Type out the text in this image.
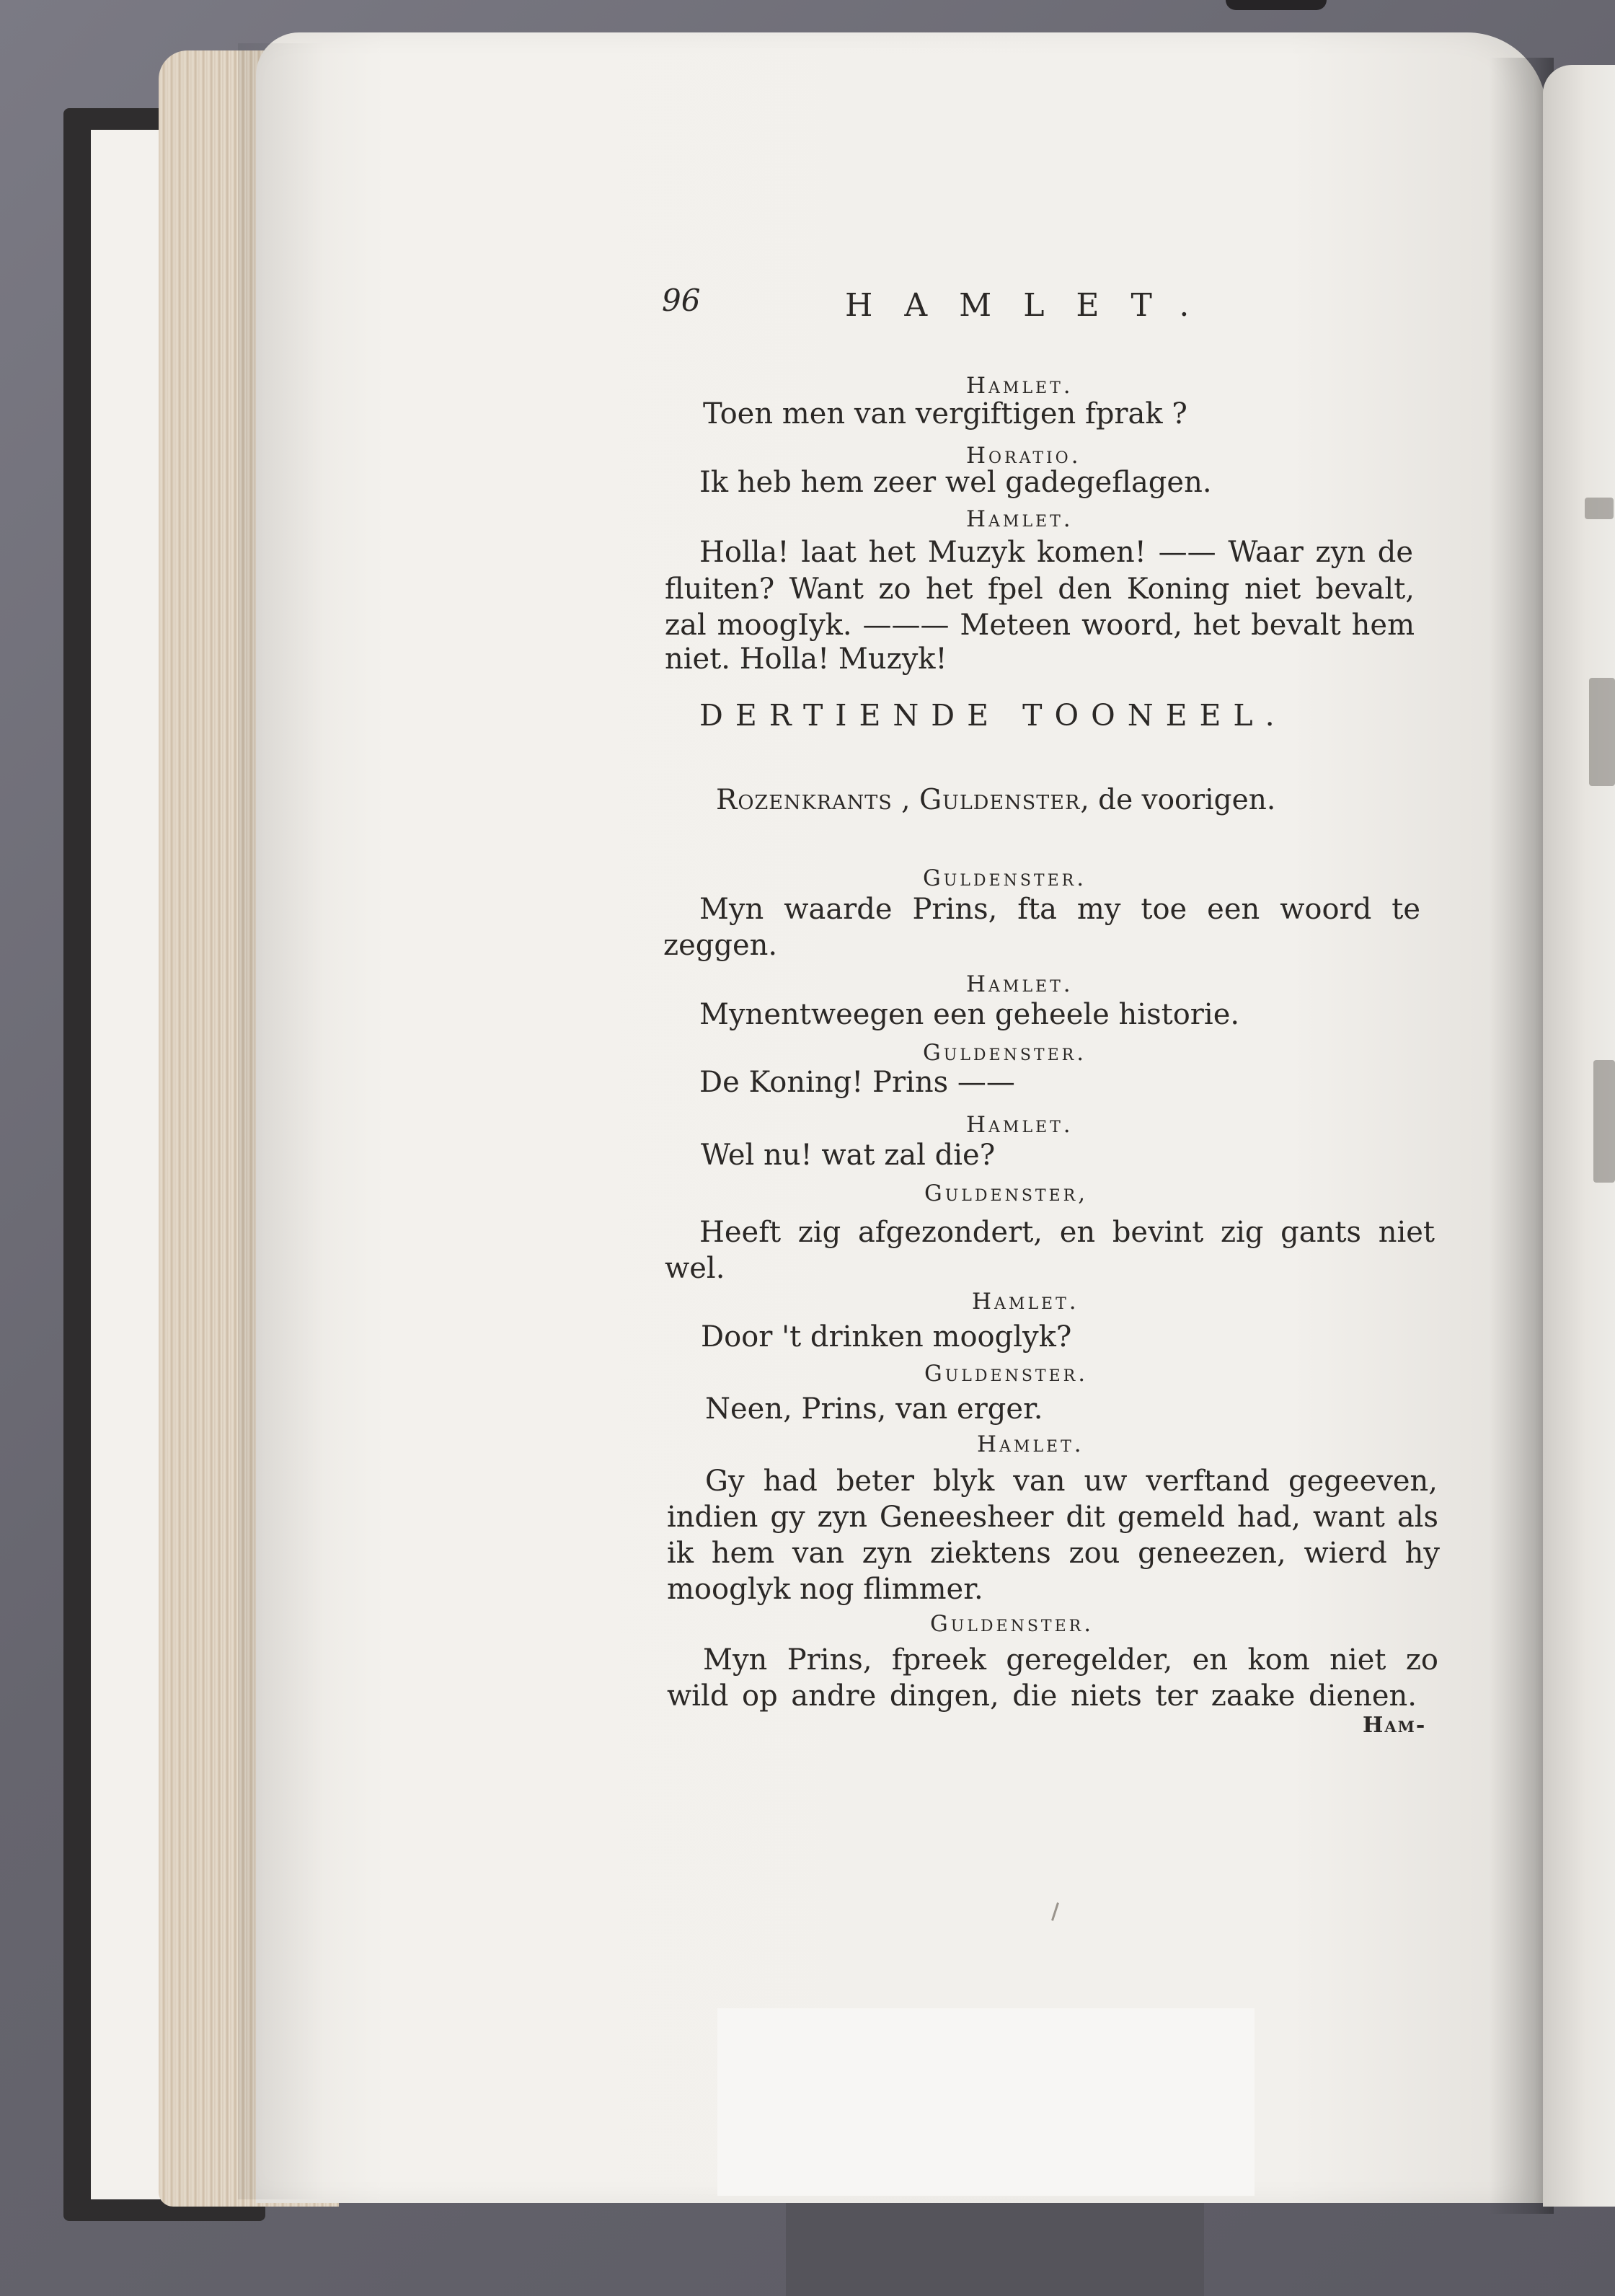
96	HAMLET.
Hamlet.
Toen men van vergiftigen fprak ?
Horatio.
Ik heb hem zeer wel gadegeflagen.
Hamlet.
Holla! laat het Muzyk komen! —— Waar zyn de
fluiten? Want zo het fpel den Koning niet bevalt,
zal moogIyk. ——— Meteen woord, het bevalt hem
niet. Holla! Muzyk!
DERTIENDE TOONEEL.
Rozenkrants , Guldenster, de voorigen.
Guldenster.
Myn waarde Prins, fta my toe een woord te
zeggen.
Hamlet.
Mynentweegen een geheele historie.
Guldenster.
De Koning! Prins ——
Hamlet.
Wel nu! wat zal die?
Guldenster,
Heeft zig afgezondert, en bevint zig gants niet
wel.
Hamlet.
Door 't drinken mooglyk?
Guldenster.
Neen, Prins, van erger.
Hamlet.
Gy had beter blyk van uw verftand gegeeven,
indien gy zyn Geneesheer dit gemeld had, want als
ik hem van zyn ziektens zou geneezen, wierd hy
mooglyk nog flimmer.
Guldenster.
Myn Prins, fpreek geregelder, en kom niet zo
wild op andre dingen, die niets ter zaake dienen.
Ham-
